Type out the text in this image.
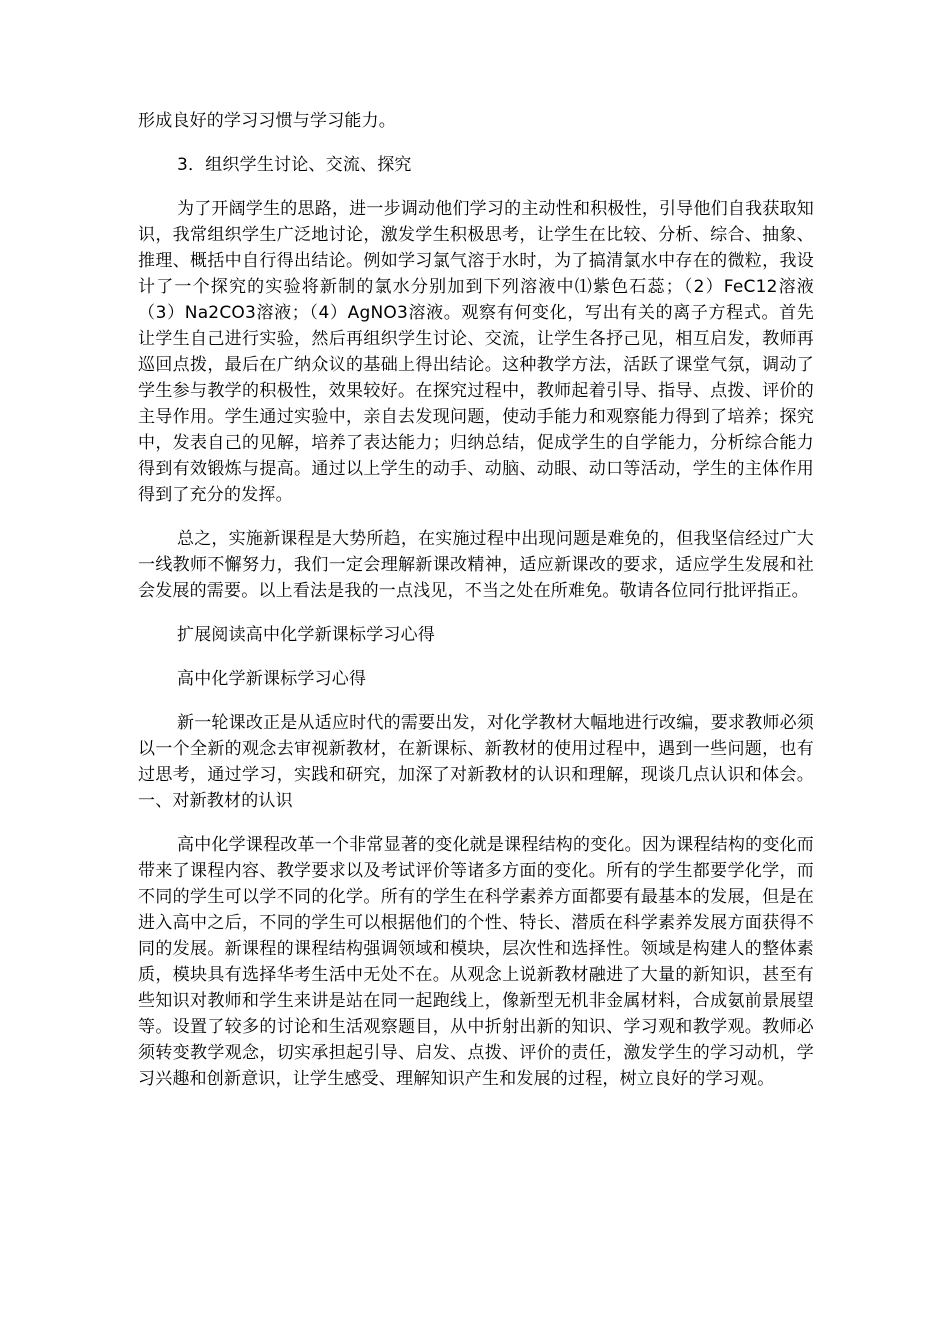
形成良好的学习习惯与学习能力。

3．组织学生讨论、交流、探究

为了开阔学生的思路，进一步调动他们学习的主动性和积极性，引导他们自我获取知识，我常组织学生广泛地讨论，激发学生积极思考，让学生在比较、分析、综合、抽象、推理、概括中自行得出结论。例如学习氯气溶于水时，为了搞清氯水中存在的微粒，我设计了一个探究的实验将新制的氯水分别加到下列溶液中⑴紫色石蕊；（2）FeC12溶液（3）Na2CO3溶液；（4）AgNO3溶液。观察有何变化，写出有关的离子方程式。首先让学生自己进行实验，然后再组织学生讨论、交流，让学生各抒己见，相互启发，教师再巡回点拨，最后在广纳众议的基础上得出结论。这种教学方法，活跃了课堂气氛，调动了学生参与教学的积极性，效果较好。在探究过程中，教师起着引导、指导、点拨、评价的主导作用。学生通过实验中，亲自去发现问题，使动手能力和观察能力得到了培养；探究中，发表自己的见解，培养了表达能力；归纳总结，促成学生的自学能力，分析综合能力得到有效锻炼与提高。通过以上学生的动手、动脑、动眼、动口等活动，学生的主体作用得到了充分的发挥。

总之，实施新课程是大势所趋，在实施过程中出现问题是难免的，但我坚信经过广大一线教师不懈努力，我们一定会理解新课改精神，适应新课改的要求，适应学生发展和社会发展的需要。以上看法是我的一点浅见，不当之处在所难免。敬请各位同行批评指正。

扩展阅读高中化学新课标学习心得

高中化学新课标学习心得

新一轮课改正是从适应时代的需要出发，对化学教材大幅地进行改编，要求教师必须以一个全新的观念去审视新教材，在新课标、新教材的使用过程中，遇到一些问题，也有过思考，通过学习，实践和研究，加深了对新教材的认识和理解，现谈几点认识和体会。一、对新教材的认识

高中化学课程改革一个非常显著的变化就是课程结构的变化。因为课程结构的变化而带来了课程内容、教学要求以及考试评价等诸多方面的变化。所有的学生都要学化学，而不同的学生可以学不同的化学。所有的学生在科学素养方面都要有最基本的发展，但是在进入高中之后，不同的学生可以根据他们的个性、特长、潜质在科学素养发展方面获得不同的发展。新课程的课程结构强调领域和模块，层次性和选择性。领域是构建人的整体素质，模块具有选择华考生活中无处不在。从观念上说新教材融进了大量的新知识，甚至有些知识对教师和学生来讲是站在同一起跑线上，像新型无机非金属材料，合成氨前景展望等。设置了较多的讨论和生活观察题目，从中折射出新的知识、学习观和教学观。教师必须转变教学观念，切实承担起引导、启发、点拨、评价的责任，激发学生的学习动机，学习兴趣和创新意识，让学生感受、理解知识产生和发展的过程，树立良好的学习观。
